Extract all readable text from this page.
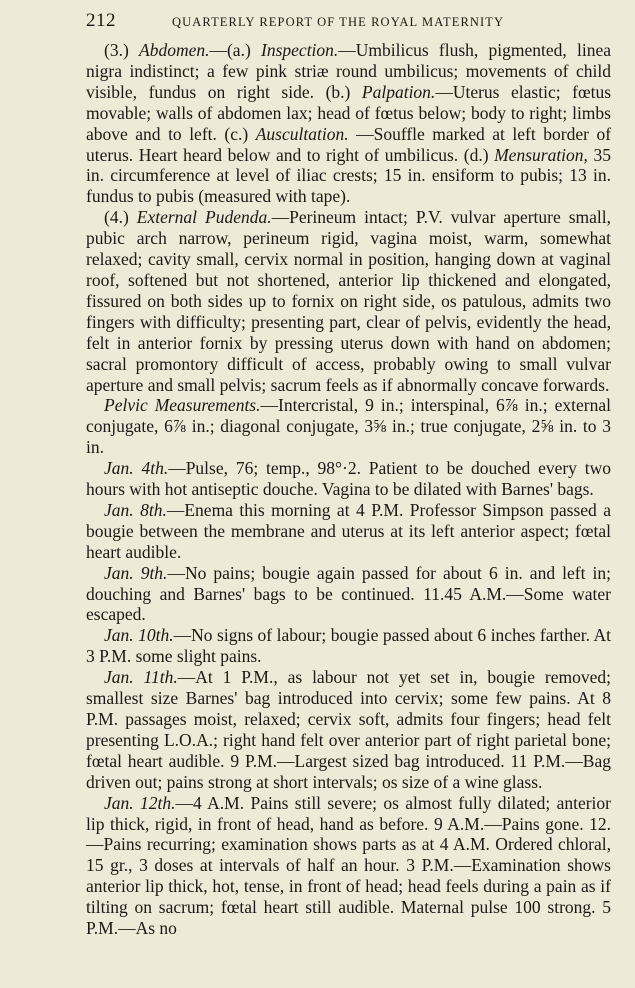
212	QUARTERLY REPORT OF THE ROYAL MATERNITY

(3.) Abdomen.—(a.) Inspection.—Umbilicus flush, pigmented, linea nigra indistinct; a few pink striæ round umbilicus; movements of child visible, fundus on right side. (b.) Palpation.—Uterus elastic; fœtus movable; walls of abdomen lax; head of fœtus below; body to right; limbs above and to left. (c.) Auscultation. —Souffle marked at left border of uterus. Heart heard below and to right of umbilicus. (d.) Mensuration, 35 in. circumference at level of iliac crests; 15 in. ensiform to pubis; 13 in. fundus to pubis (measured with tape).

(4.) External Pudenda.—Perineum intact; P.V. vulvar aperture small, pubic arch narrow, perineum rigid, vagina moist, warm, somewhat relaxed; cavity small, cervix normal in position, hanging down at vaginal roof, softened but not shortened, anterior lip thickened and elongated, fissured on both sides up to fornix on right side, os patulous, admits two fingers with difficulty; presenting part, clear of pelvis, evidently the head, felt in anterior fornix by pressing uterus down with hand on abdomen; sacral promontory difficult of access, probably owing to small vulvar aperture and small pelvis; sacrum feels as if abnormally concave forwards.

Pelvic Measurements.—Intercristal, 9 in.; interspinal, 6⅞ in.; external conjugate, 6⅞ in.; diagonal conjugate, 3⅝ in.; true conjugate, 2⅝ in. to 3 in.

Jan. 4th.—Pulse, 76; temp., 98°·2. Patient to be douched every two hours with hot antiseptic douche. Vagina to be dilated with Barnes' bags.

Jan. 8th.—Enema this morning at 4 P.M. Professor Simpson passed a bougie between the membrane and uterus at its left anterior aspect; fœtal heart audible.

Jan. 9th.—No pains; bougie again passed for about 6 in. and left in; douching and Barnes' bags to be continued. 11.45 A.M.—Some water escaped.

Jan. 10th.—No signs of labour; bougie passed about 6 inches farther. At 3 P.M. some slight pains.

Jan. 11th.—At 1 P.M., as labour not yet set in, bougie removed; smallest size Barnes' bag introduced into cervix; some few pains. At 8 P.M. passages moist, relaxed; cervix soft, admits four fingers; head felt presenting L.O.A.; right hand felt over anterior part of right parietal bone; fœtal heart audible. 9 P.M.—Largest sized bag introduced. 11 P.M.—Bag driven out; pains strong at short intervals; os size of a wine glass.

Jan. 12th.—4 A.M. Pains still severe; os almost fully dilated; anterior lip thick, rigid, in front of head, hand as before. 9 A.M.—Pains gone. 12.—Pains recurring; examination shows parts as at 4 A.M. Ordered chloral, 15 gr., 3 doses at intervals of half an hour. 3 P.M.—Examination shows anterior lip thick, hot, tense, in front of head; head feels during a pain as if tilting on sacrum; fœtal heart still audible. Maternal pulse 100 strong. 5 P.M.—As no
